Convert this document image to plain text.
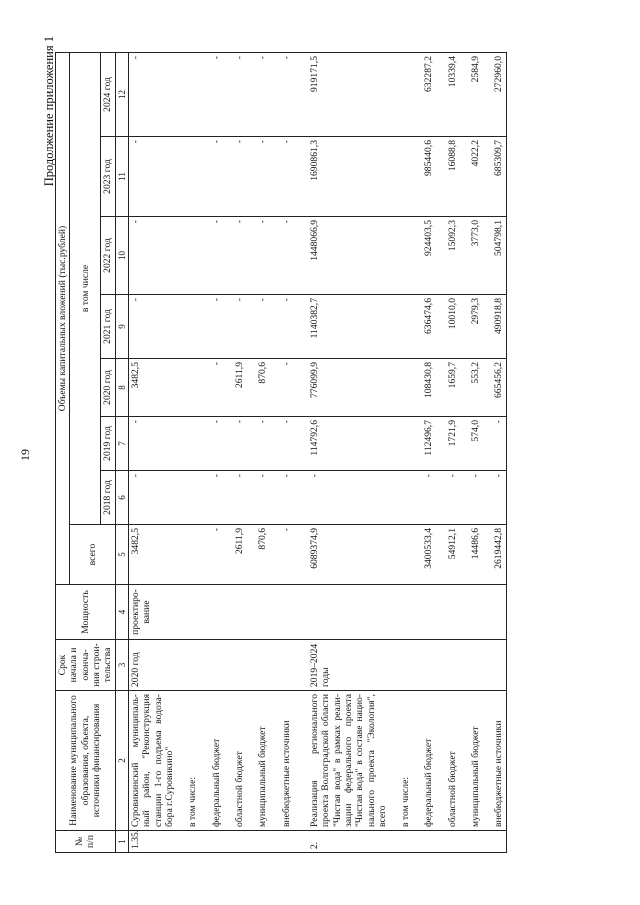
19
Продолжение приложения 1
№ п/п	Наименование муниципального образования, объекта, источники финансирования	Срок начала и оконча- ния строи- тельства	Мощность	Объемы капитальных вложений (тыс.рублей)							
				всего	в том числе						
					2018 год	2019 год	2020 год	2021 год	2022 год	2023 год	2024 год
1	2	3	4	5	6	7	8	9	10	11	12
1.35.	Суровикинский муниципаль- ный район, "Реконструкция станции 1-го подъема водоза- бора г.Суровикино"	2020 год	проектиро- вание	3482,5	-	-	3482,5	-	-	-	-
	в том числе:										
	федеральный бюджет			-	-	-	-	-	-	-	-
	областной бюджет			2611,9	-	-	2611,9	-	-	-	-
	муниципальный бюджет			870,6	-	-	870,6	-	-	-	-
	внебюджетные источники			-	-	-	-	-	-	-	-
2.	Реализация регионального проекта Волгоградской области "Чистая вода" в рамках реали- зации федерального проекта "Чистая вода" в составе нацио- нального проекта "Экология", всего	2019–2024 годы		6089374,9	-	114792,6	776099,9	1140382,7	1448066,9	1690861,3	919171,5
	в том числе:										
	федеральный бюджет			3400533,4	-	112496,7	108430,8	636474,6	924403,5	985440,6	632287,2
	областной бюджет			54912,1	-	1721,9	1659,7	10010,0	15092,3	16088,8	10339,4
	муниципальный бюджет			14486,6	-	574,0	553,2	2979,3	3773,0	4022,2	2584,9
	внебюджетные источники			2619442,8	-	-	665456,2	490918,8	504798,1	685309,7	272960,0
